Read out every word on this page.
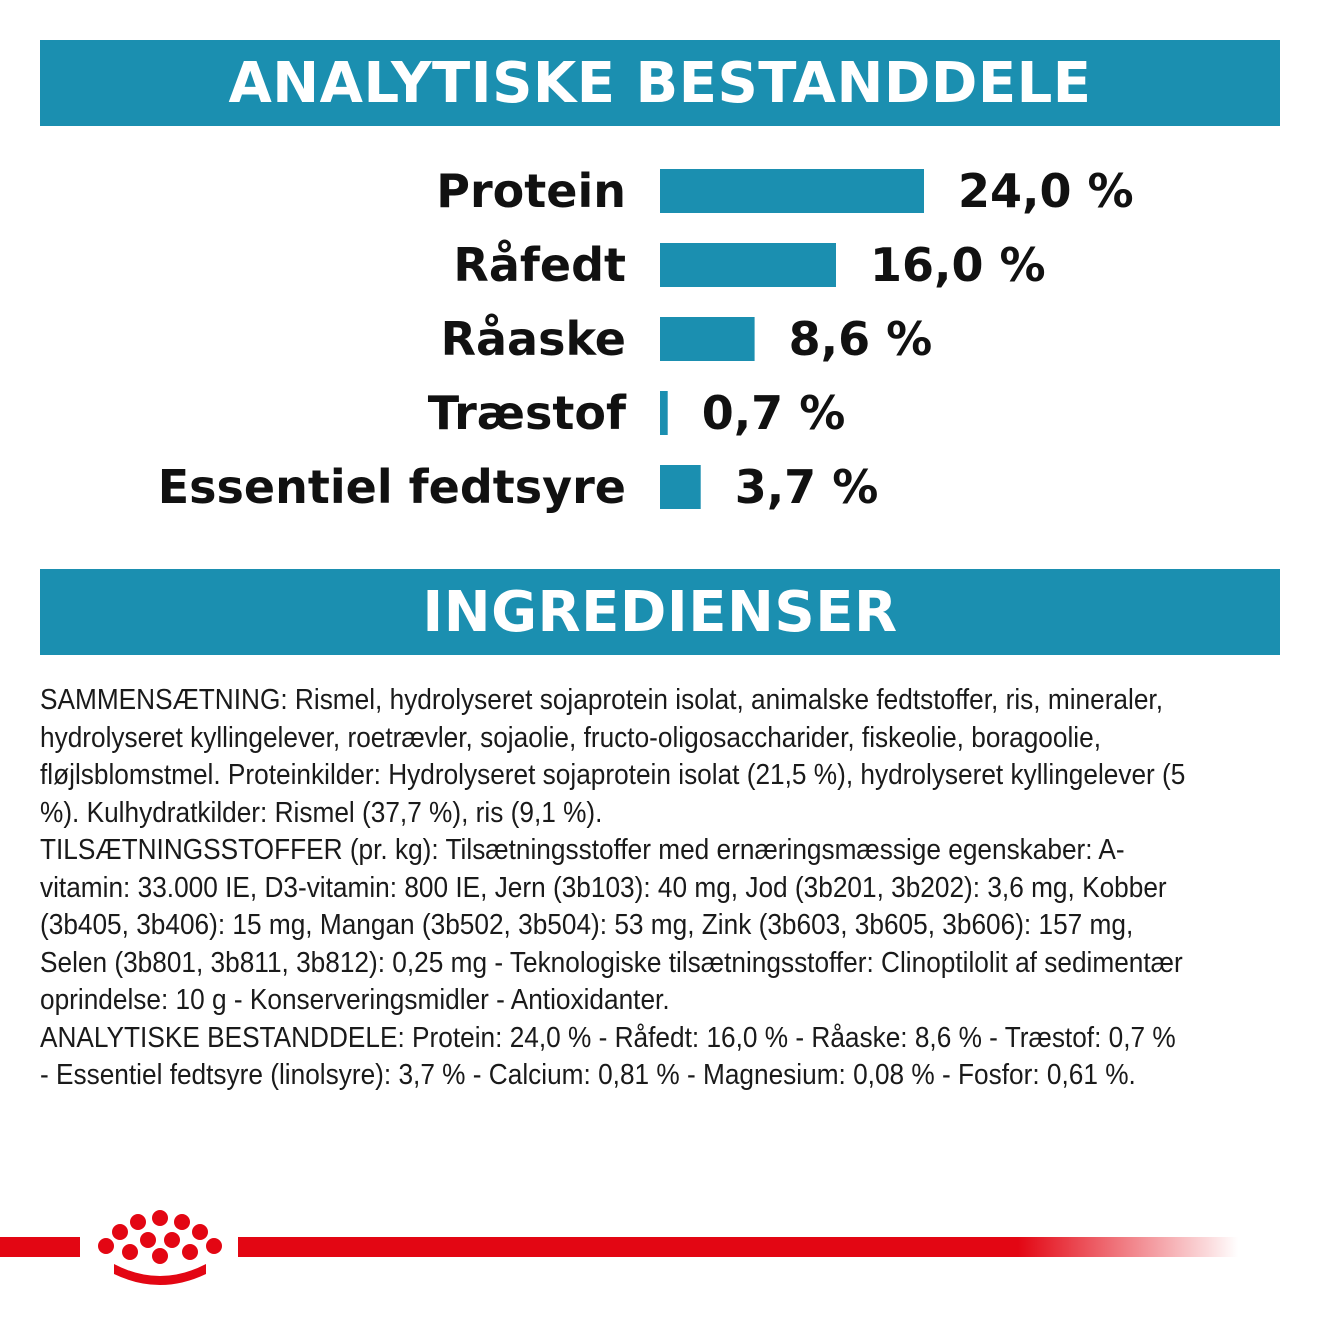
ANALYTISKE BESTANDDELE
Protein	24,0 %
Råfedt	16,0 %
Råaske	8,6 %
Træstof 0,7 %
Essentiel fedtsyre 3,7 %
INGREDIENSER

SAMMENSÆTNING: Rismel, hydrolyseret sojaprotein isolat, animalske fedtstoffer, ris, mineraler, hydrolyseret kyllingelever, roetrævler, sojaolie, fructo-oligosaccharider, fiskeolie, boragoolie, fløjlsblomstmel. Proteinkilder: Hydrolyseret sojaprotein isolat (21,5 %), hydrolyseret kyllingelever (5 %). Kulhydratkilder: Rismel (37,7 %), ris (9,1 %).

TILSÆTNINGSSTOFFER (pr. kg): Tilsætningsstoffer med ernæringsmæssige egenskaber: A-vitamin: 33.000 IE, D3-vitamin: 800 IE, Jern (3b103): 40 mg, Jod (3b201, 3b202): 3,6 mg, Kobber (3b405, 3b406): 15 mg, Mangan (3b502, 3b504): 53 mg, Zink (3b603, 3b605, 3b606): 157 mg, Selen (3b801, 3b811, 3b812): 0,25 mg - Teknologiske tilsætningsstoffer: Clinoptilolit af sedimentær oprindelse: 10 g - Konserveringsmidler - Antioxidanter.

ANALYTISKE BESTANDDELE: Protein: 24,0 % - Råfedt: 16,0 % - Råaske: 8,6 % - Træstof: 0,7 % - Essentiel fedtsyre (linolsyre): 3,7 % - Calcium: 0,81 % - Magnesium: 0,08 % - Fosfor: 0,61 %.
